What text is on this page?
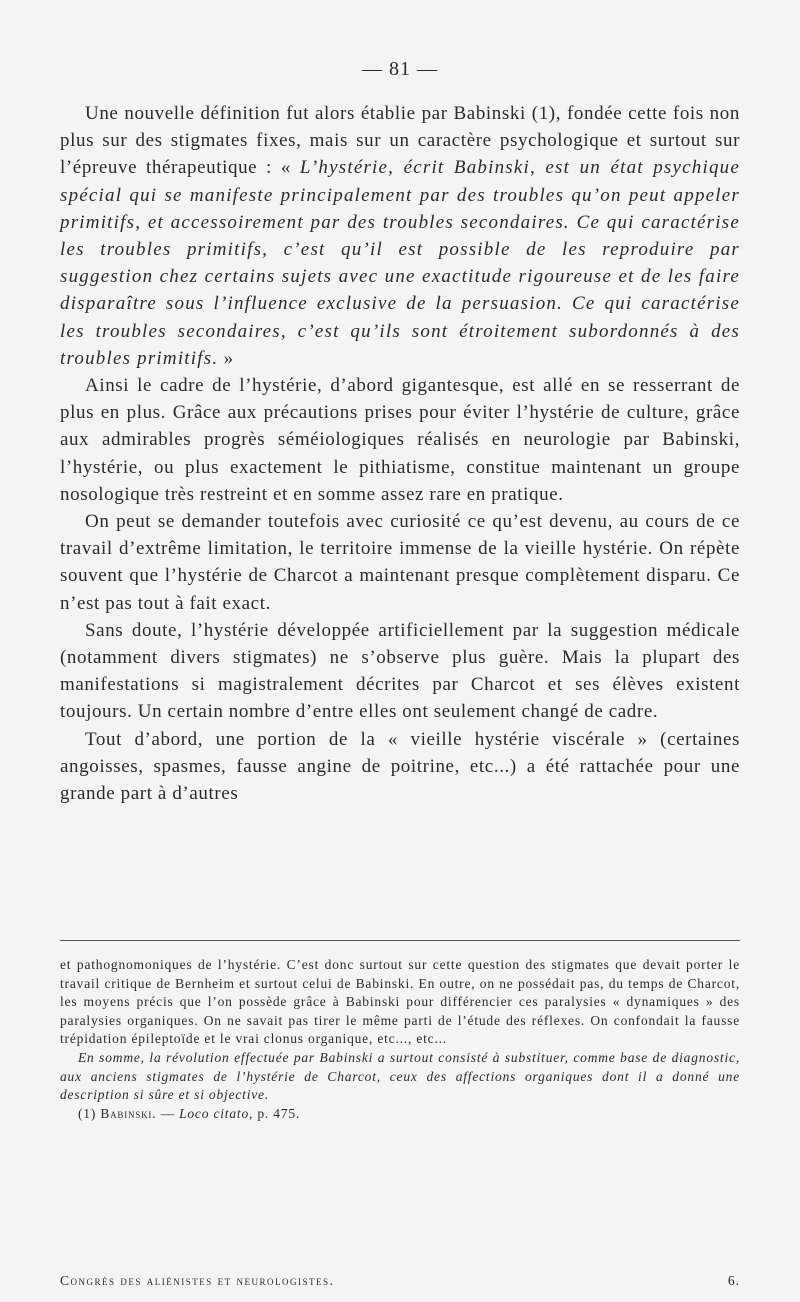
— 81 —

Une nouvelle définition fut alors établie par Babinski (1), fondée cette fois non plus sur des stigmates fixes, mais sur un caractère psychologique et surtout sur l’épreuve thérapeutique : « L’hystérie, écrit Babinski, est un état psychique spécial qui se manifeste principalement par des troubles qu’on peut appeler primitifs, et accessoirement par des troubles secondaires. Ce qui caractérise les troubles primitifs, c’est qu’il est possible de les reproduire par suggestion chez certains sujets avec une exactitude rigoureuse et de les faire disparaître sous l’influence exclusive de la persuasion. Ce qui caractérise les troubles secondaires, c’est qu’ils sont étroitement subordonnés à des troubles primitifs. »

Ainsi le cadre de l’hystérie, d’abord gigantesque, est allé en se resserrant de plus en plus. Grâce aux précautions prises pour éviter l’hystérie de culture, grâce aux admirables progrès séméiologiques réalisés en neurologie par Babinski, l’hystérie, ou plus exactement le pithiatisme, constitue maintenant un groupe nosologique très restreint et en somme assez rare en pratique.

On peut se demander toutefois avec curiosité ce qu’est devenu, au cours de ce travail d’extrême limitation, le territoire immense de la vieille hystérie. On répète souvent que l’hystérie de Charcot a maintenant presque complètement disparu. Ce n’est pas tout à fait exact.

Sans doute, l’hystérie développée artificiellement par la suggestion médicale (notamment divers stigmates) ne s’observe plus guère. Mais la plupart des manifestations si magistralement décrites par Charcot et ses élèves existent toujours. Un certain nombre d’entre elles ont seulement changé de cadre.

Tout d’abord, une portion de la « vieille hystérie viscérale » (certaines angoisses, spasmes, fausse angine de poitrine, etc...) a été rattachée pour une grande part à d’autres

et pathognomoniques de l’hystérie. C’est donc surtout sur cette question des stigmates que devait porter le travail critique de Bernheim et surtout celui de Babinski. En outre, on ne possédait pas, du temps de Charcot, les moyens précis que l’on possède grâce à Babinski pour différencier ces paralysies « dynamiques » des paralysies organiques. On ne savait pas tirer le même parti de l’étude des réflexes. On confondait la fausse trépidation épileptoïde et le vrai clonus organique, etc..., etc...

En somme, la révolution effectuée par Babinski a surtout consisté à substituer, comme base de diagnostic, aux anciens stigmates de l’hystérie de Charcot, ceux des affections organiques dont il a donné une description si sûre et si objective.

(1) Babinski. — Loco citato, p. 475.

Congrès des aliénistes et neurologistes.	6.
